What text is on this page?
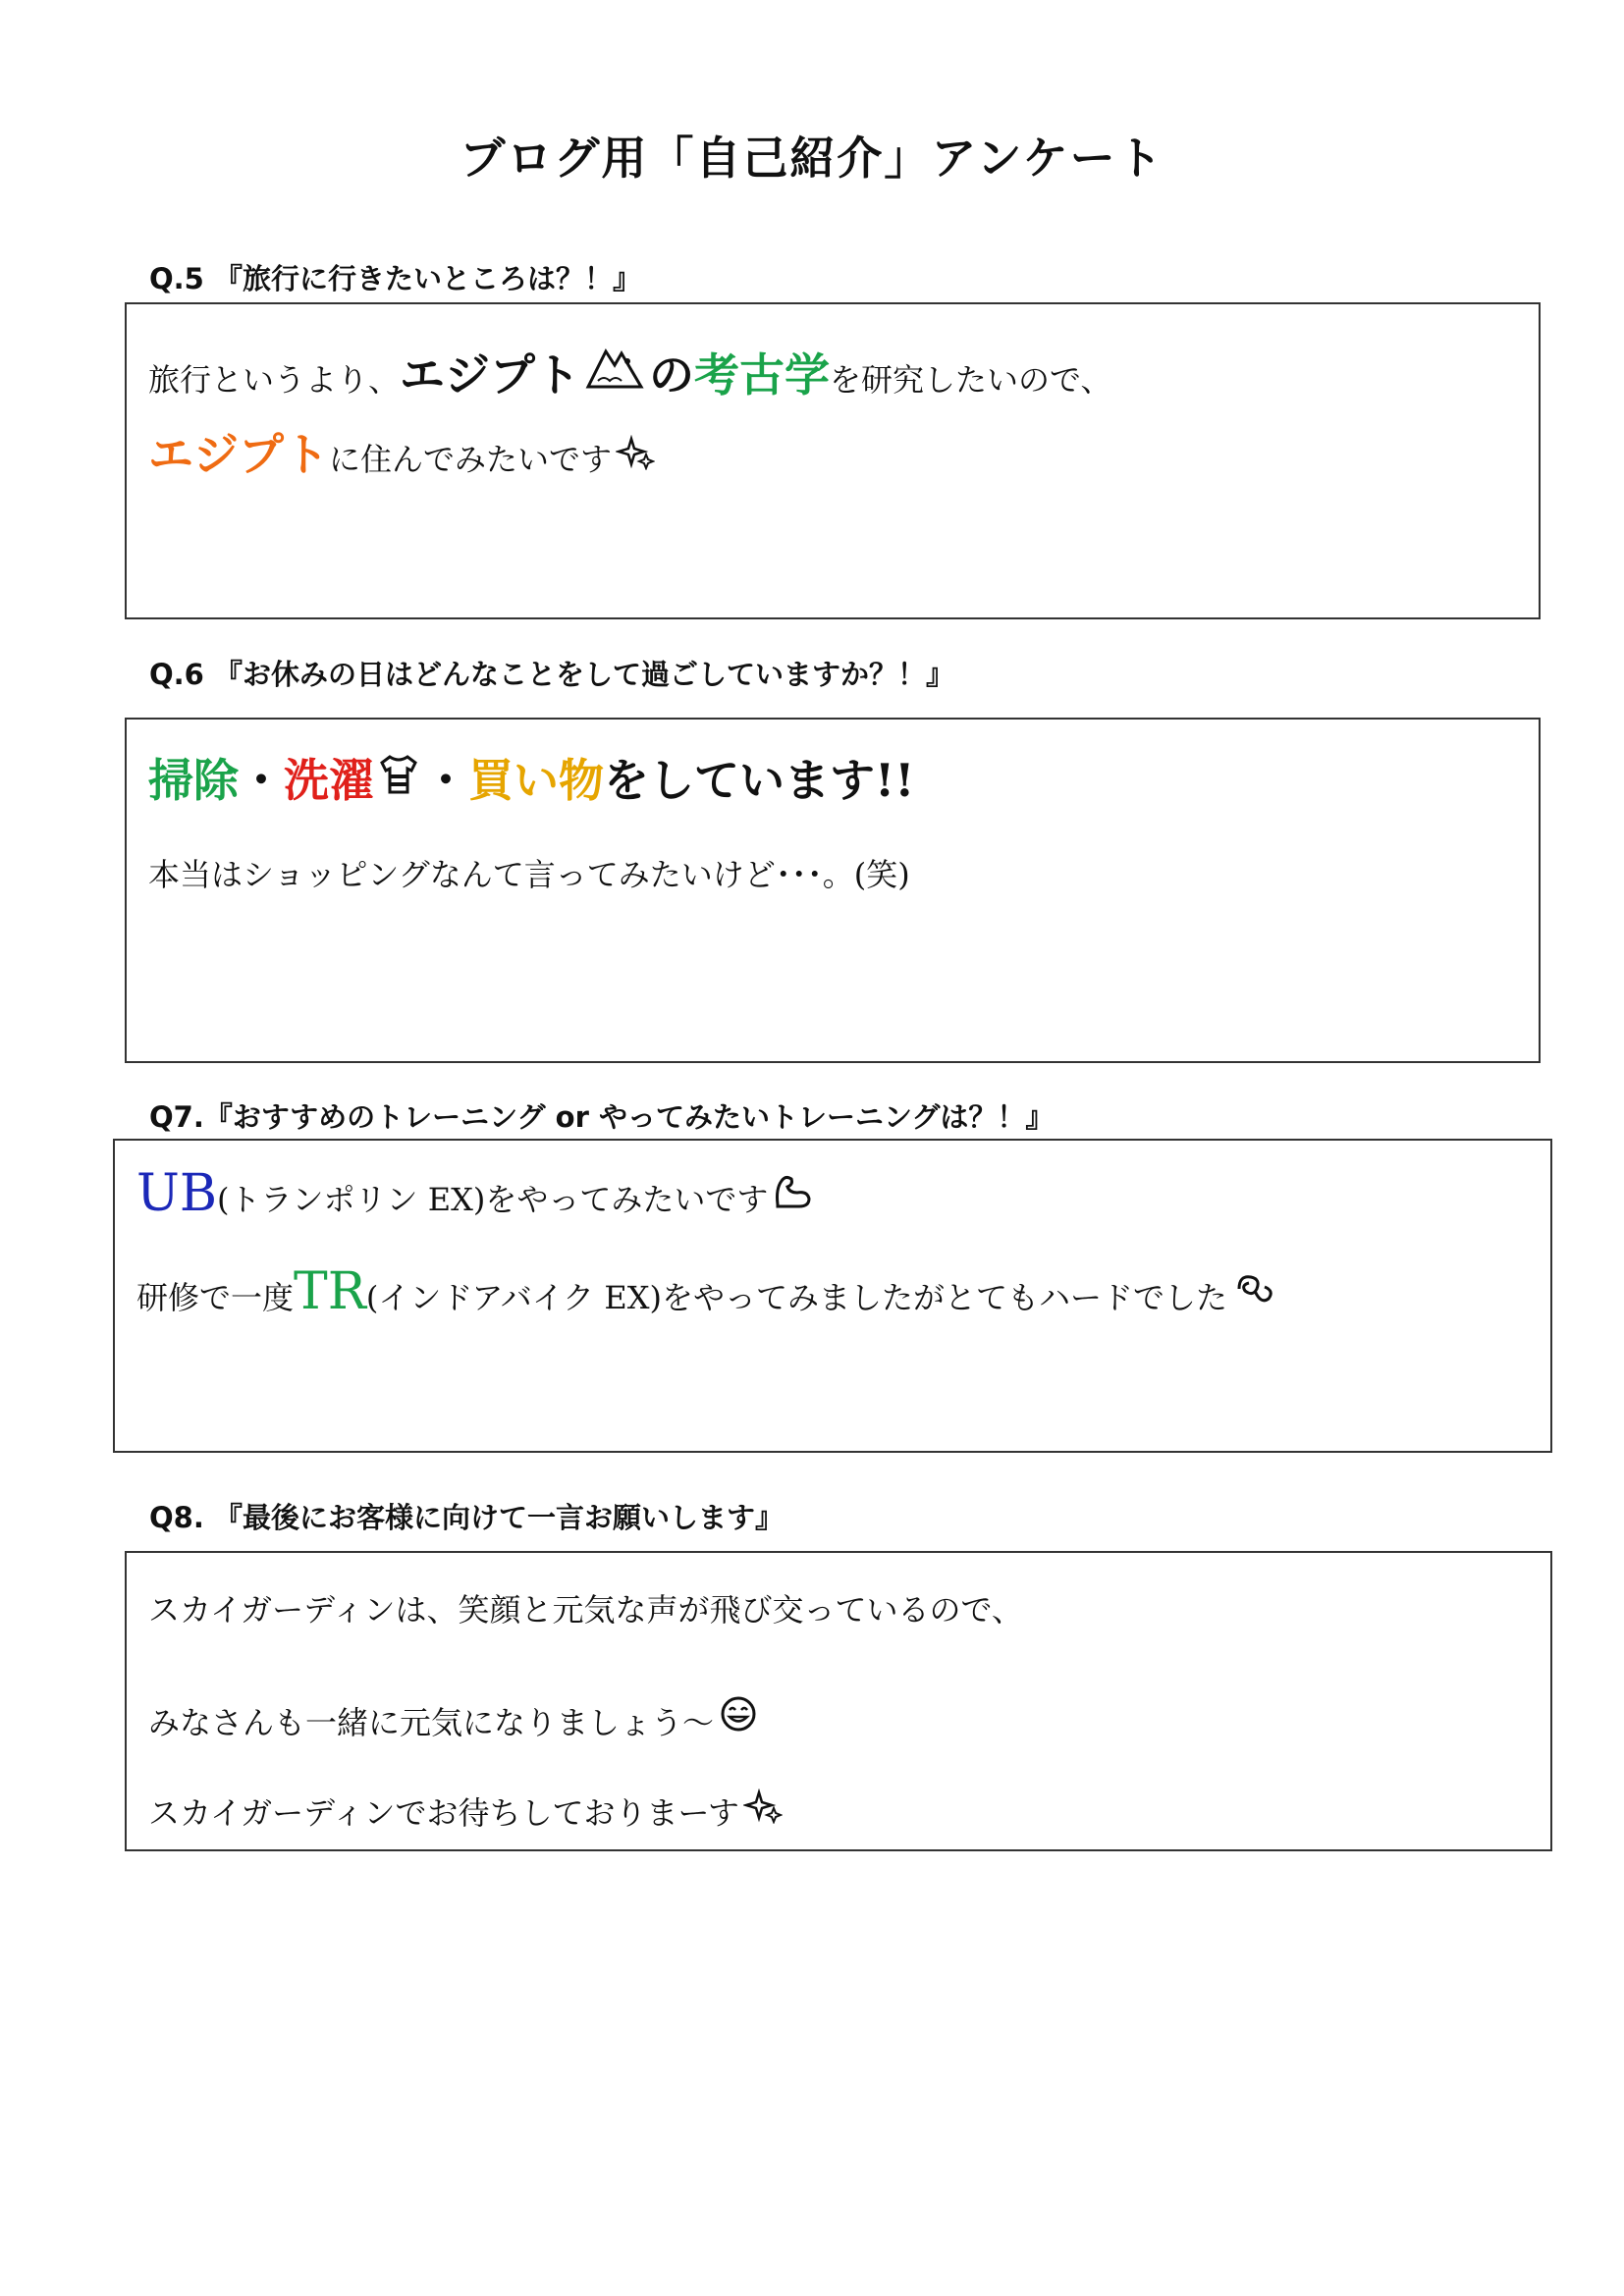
ブログ用「自己紹介」アンケート
Q.5 『旅行に行きたいところは？！』
旅行というより、 エジプト の 考古学 を研究したいので、
エジプト に住んでみたいです
Q.6 『お休みの日はどんなことをして過ごしていますか？！』
掃除 ・ 洗濯 ・ 買い物 をしています!!
本当はショッピングなんて言ってみたいけど･･･。(笑)
Q7.『おすすめのトレーニング or やってみたいトレーニングは？！』
UB (トランポリン EX)をやってみたいです
研修で一度 TR (インドアバイク EX)をやってみましたがとてもハードでした
Q8. 『最後にお客様に向けて一言お願いします』
スカイガーディンは、笑顔と元気な声が飛び交っているので、
みなさんも一緒に元気になりましょう～
スカイガーディンでお待ちしておりまーす
